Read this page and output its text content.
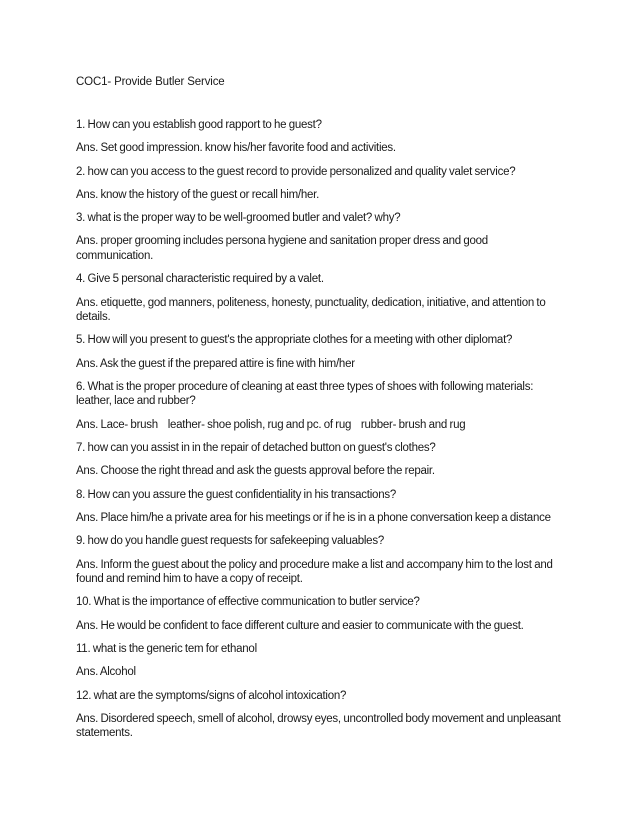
COC1- Provide Butler Service

1. How can you establish good rapport to he guest?

Ans. Set good impression. know his/her favorite food and activities.

2. how can you access to the guest record to provide personalized and quality valet service?

Ans. know the history of the guest or recall him/her.

3. what is the proper way to be well-groomed butler and valet? why?

Ans. proper grooming includes persona hygiene and sanitation proper dress and good communication.

4. Give 5 personal characteristic required by a valet.

Ans. etiquette, god manners, politeness, honesty, punctuality, dedication, initiative, and attention to details.

5. How will you present to guest's the appropriate clothes for a meeting with other diplomat?

Ans. Ask the guest if the prepared attire is fine with him/her

6. What is the proper procedure of cleaning at east three types of shoes with following materials: leather, lace and rubber?

Ans. Lace- brush    leather- shoe polish, rug and pc. of rug    rubber- brush and rug

7. how can you assist in in the repair of detached button on guest's clothes?

Ans. Choose the right thread and ask the guests approval before the repair.

8. How can you assure the guest confidentiality in his transactions?

Ans. Place him/he a private area for his meetings or if he is in a phone conversation keep a distance

9. how do you handle guest requests for safekeeping valuables?

Ans. Inform the guest about the policy and procedure make a list and accompany him to the lost and found and remind him to have a copy of receipt.

10. What is the importance of effective communication to butler service?

Ans. He would be confident to face different culture and easier to communicate with the guest.

11. what is the generic tem for ethanol

Ans. Alcohol

12. what are the symptoms/signs of alcohol intoxication?

Ans. Disordered speech, smell of alcohol, drowsy eyes, uncontrolled body movement and unpleasant statements.
